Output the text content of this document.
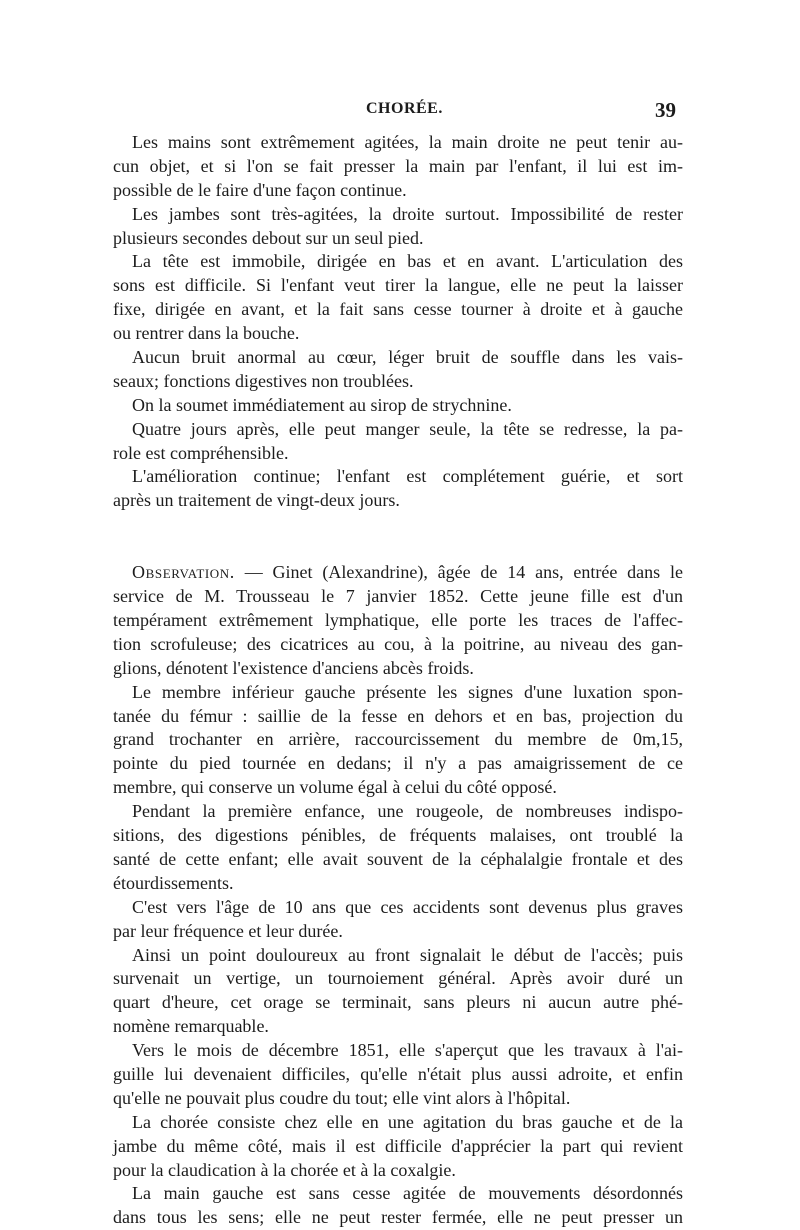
CHORÉE.	39
Les mains sont extrêmement agitées, la main droite ne peut tenir au-
cun objet, et si l'on se fait presser la main par l'enfant, il lui est im-
possible de le faire d'une façon continue.
Les jambes sont très-agitées, la droite surtout. Impossibilité de rester
plusieurs secondes debout sur un seul pied.
La tête est immobile, dirigée en bas et en avant. L'articulation des
sons est difficile. Si l'enfant veut tirer la langue, elle ne peut la laisser
fixe, dirigée en avant, et la fait sans cesse tourner à droite et à gauche
ou rentrer dans la bouche.
Aucun bruit anormal au cœur, léger bruit de souffle dans les vais-
seaux; fonctions digestives non troublées.
On la soumet immédiatement au sirop de strychnine.
Quatre jours après, elle peut manger seule, la tête se redresse, la pa-
role est compréhensible.
L'amélioration continue; l'enfant est complétement guérie, et sort
après un traitement de vingt-deux jours.
Observation. — Ginet (Alexandrine), âgée de 14 ans, entrée dans le
service de M. Trousseau le 7 janvier 1852. Cette jeune fille est d'un
tempérament extrêmement lymphatique, elle porte les traces de l'affec-
tion scrofuleuse; des cicatrices au cou, à la poitrine, au niveau des gan-
glions, dénotent l'existence d'anciens abcès froids.
Le membre inférieur gauche présente les signes d'une luxation spon-
tanée du fémur : saillie de la fesse en dehors et en bas, projection du
grand trochanter en arrière, raccourcissement du membre de 0m,15,
pointe du pied tournée en dedans; il n'y a pas amaigrissement de ce
membre, qui conserve un volume égal à celui du côté opposé.
Pendant la première enfance, une rougeole, de nombreuses indispo-
sitions, des digestions pénibles, de fréquents malaises, ont troublé la
santé de cette enfant; elle avait souvent de la céphalalgie frontale et des
étourdissements.
C'est vers l'âge de 10 ans que ces accidents sont devenus plus graves
par leur fréquence et leur durée.
Ainsi un point douloureux au front signalait le début de l'accès; puis
survenait un vertige, un tournoiement général. Après avoir duré un
quart d'heure, cet orage se terminait, sans pleurs ni aucun autre phé-
nomène remarquable.
Vers le mois de décembre 1851, elle s'aperçut que les travaux à l'ai-
guille lui devenaient difficiles, qu'elle n'était plus aussi adroite, et enfin
qu'elle ne pouvait plus coudre du tout; elle vint alors à l'hôpital.
La chorée consiste chez elle en une agitation du bras gauche et de la
jambe du même côté, mais il est difficile d'apprécier la part qui revient
pour la claudication à la chorée et à la coxalgie.
La main gauche est sans cesse agitée de mouvements désordonnés
dans tous les sens; elle ne peut rester fermée, elle ne peut presser un
